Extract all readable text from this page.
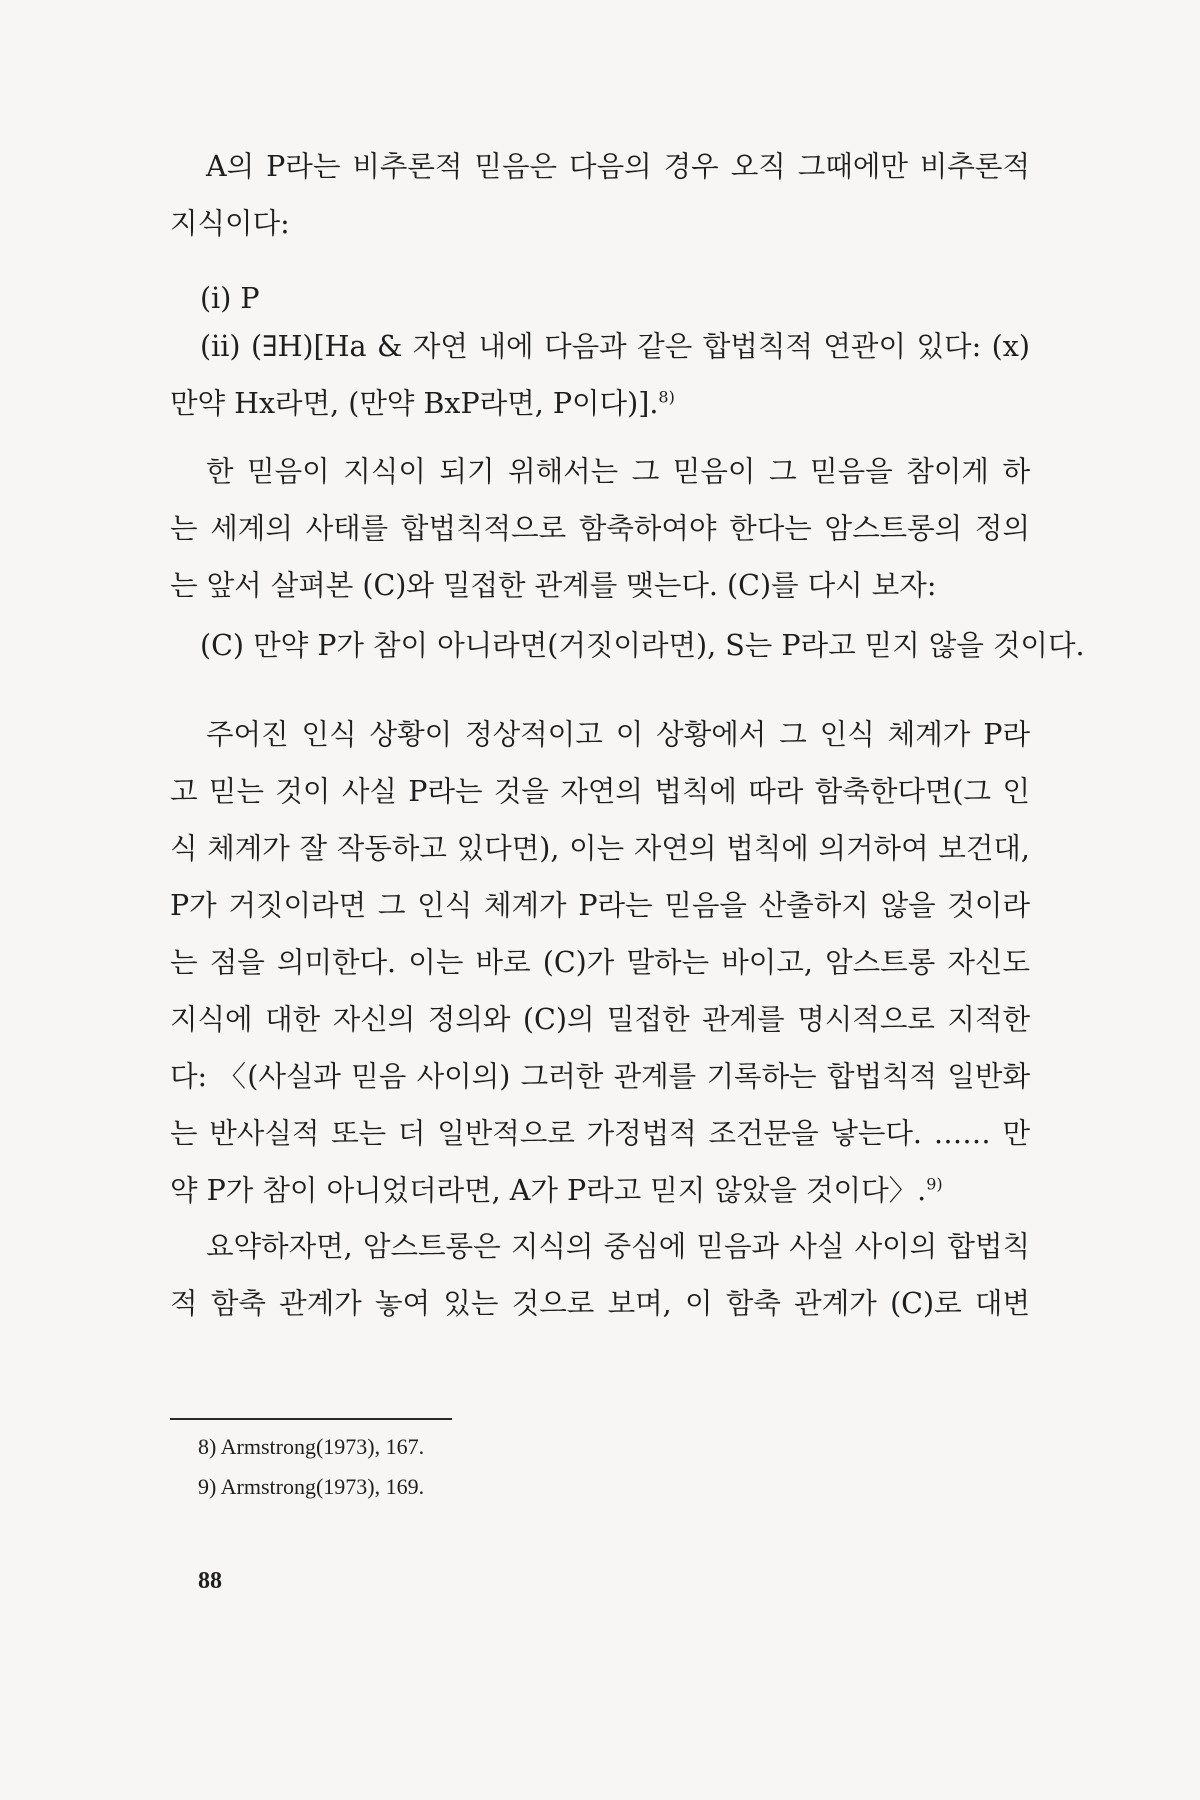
A의 P라는 비추론적 믿음은 다음의 경우 오직 그때에만 비추론적
지식이다:
(i) P
(ii) (∃H)[Ha & 자연 내에 다음과 같은 합법칙적 연관이 있다: (x)
만약 Hx라면, (만약 BxP라면, P이다)].$^{8)}$
한 믿음이 지식이 되기 위해서는 그 믿음이 그 믿음을 참이게 하
는 세계의 사태를 합법칙적으로 함축하여야 한다는 암스트롱의 정의
는 앞서 살펴본 (C)와 밀접한 관계를 맺는다. (C)를 다시 보자:
(C) 만약 P가 참이 아니라면(거짓이라면), S는 P라고 믿지 않을 것이다.
주어진 인식 상황이 정상적이고 이 상황에서 그 인식 체계가 P라
고 믿는 것이 사실 P라는 것을 자연의 법칙에 따라 함축한다면(그 인
식 체계가 잘 작동하고 있다면), 이는 자연의 법칙에 의거하여 보건대,
P가 거짓이라면 그 인식 체계가 P라는 믿음을 산출하지 않을 것이라
는 점을 의미한다. 이는 바로 (C)가 말하는 바이고, 암스트롱 자신도
지식에 대한 자신의 정의와 (C)의 밀접한 관계를 명시적으로 지적한
다: 〈(사실과 믿음 사이의) 그러한 관계를 기록하는 합법칙적 일반화
는 반사실적 또는 더 일반적으로 가정법적 조건문을 낳는다. …… 만
약 P가 참이 아니었더라면, A가 P라고 믿지 않았을 것이다〉.$^{9)}$
요약하자면, 암스트롱은 지식의 중심에 믿음과 사실 사이의 합법칙
적 함축 관계가 놓여 있는 것으로 보며, 이 함축 관계가 (C)로 대변
8) Armstrong(1973), 167.
9) Armstrong(1973), 169.
88
